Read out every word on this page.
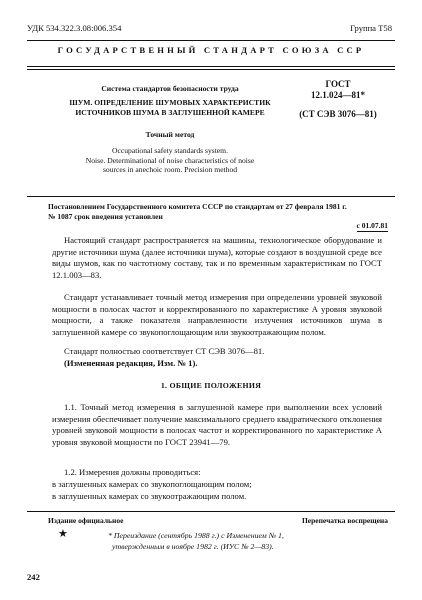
УДК 534.322.3.08:006.354	Группа Т58
ГОСУДАРСТВЕННЫЙ СТАНДАРТ СОЮЗА ССР
Система стандартов безопасности труда
ШУМ. ОПРЕДЕЛЕНИЕ ШУМОВЫХ ХАРАКТЕРИСТИК
ИСТОЧНИКОВ ШУМА В ЗАГЛУШЕННОЙ КАМЕРЕ
Точный метод
Occupational safety standards system.
Noise. Determinational of noise characteristics of noise
sources in anechoic room. Precision method
ГОСТ
12.1.024—81*
(СТ СЭВ 3076—81)
Постановлением Государственного комитета СССР по стандартам от 27 февраля 1981 г.
№ 1087 срок введения установлен
с 01.07.81
Настоящий стандарт распространяется на машины, технологическое оборудование и другие источники шума (далее источники шума), которые создают в воздушной среде все виды шумов, как по частотному составу, так и по временным характеристикам по ГОСТ 12.1.003—83.
Стандарт устанавливает точный метод измерения при определении уровней звуковой мощности в полосах частот и корректированного по характеристике А уровня звуковой мощности, а также показателя направленности излучения источников шума в заглушенной камере со звукопоглощающим или звукоотражающим полом.
Стандарт полностью соответствует СТ СЭВ 3076—81.
(Измененная редакция, Изм. № 1).
1. ОБЩИЕ ПОЛОЖЕНИЯ
1.1. Точный метод измерения в заглушенной камере при выполнении всех условий измерения обеспечивает получение максимального среднего квадратического отклонения уровней звуковой мощности в полосах частот и корректированного по характеристике А уровня звуковой мощности по ГОСТ 23941—79.
1.2. Измерения должны проводиться:
в заглушенных камерах со звукопоглощающим полом;
в заглушенных камерах со звукоотражающим полом.
Издание официальное	Перепечатка воспрещена
★	* Переиздание (сентябрь 1988 г.) с Изменением № 1,
утвержденным в ноябре 1982 г. (ИУС № 2—83).
242
